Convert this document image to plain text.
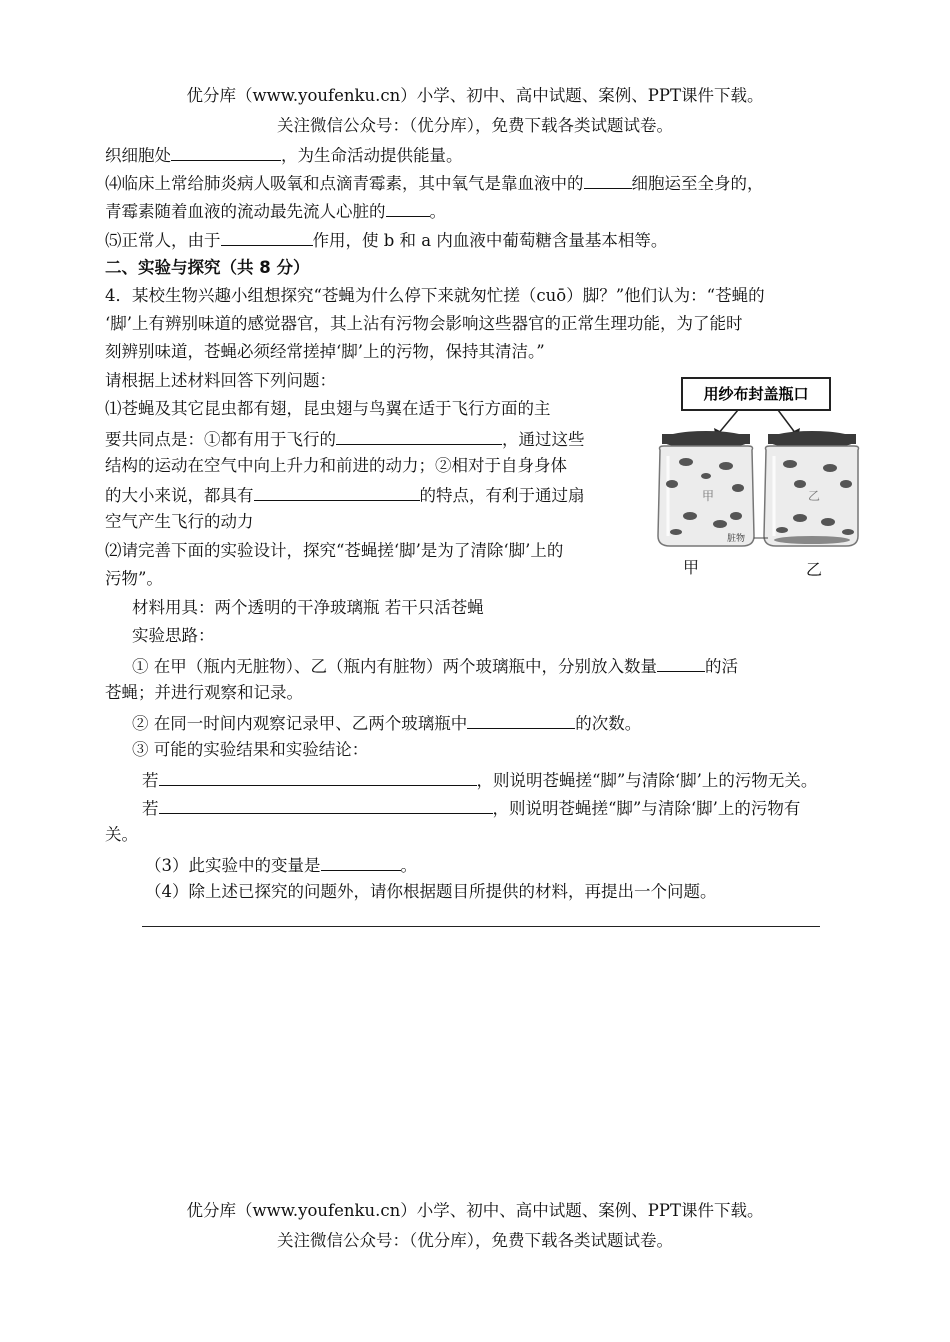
优分库（www.youfenku.cn）小学、初中、高中试题、案例、PPT课件下载。
关注微信公众号：（优分库），免费下载各类试题试卷。
织细胞处	，为生命活动提供能量。
⑷临床上常给肺炎病人吸氧和点滴青霉素，其中氧气是靠血液中的	细胞运至全身的，
青霉素随着血液的流动最先流人心脏的	。
⑸正常人，由于	作用，使 b 和 a 内血液中葡萄糖含量基本相等。
二、实验与探究（共 8 分）
4．某校生物兴趣小组想探究“苍蝇为什么停下来就匆忙搓（cuō）脚？”他们认为：“苍蝇的
‘脚’上有辨别味道的感觉器官，其上沾有污物会影响这些器官的正常生理功能，为了能时
刻辨别味道，苍蝇必须经常搓掉‘脚’上的污物，保持其清洁。”
请根据上述材料回答下列问题：
⑴苍蝇及其它昆虫都有翅，昆虫翅与鸟翼在适于飞行方面的主
要共同点是：①都有用于飞行的	，通过这些
结构的运动在空气中向上升力和前进的动力；②相对于自身身体
的大小来说，都具有	的特点，有利于通过扇
空气产生飞行的动力
⑵请完善下面的实验设计，探究“苍蝇搓‘脚’是为了清除‘脚’上的
污物”。
材料用具：两个透明的干净玻璃瓶 若干只活苍蝇
实验思路：
① 在甲（瓶内无脏物）、乙（瓶内有脏物）两个玻璃瓶中，分别放入数量	的活
苍蝇；并进行观察和记录。
② 在同一时间内观察记录甲、乙两个玻璃瓶中	的次数。
③ 可能的实验结果和实验结论：
若	，则说明苍蝇搓“脚”与清除‘脚’上的污物无关。
若	，则说明苍蝇搓“脚”与清除‘脚’上的污物有
关。
（3）此实验中的变量是	。
（4）除上述已探究的问题外，请你根据题目所提供的材料，再提出一个问题。
用纱布封盖瓶口
甲	乙
脏物
甲	乙
优分库（www.youfenku.cn）小学、初中、高中试题、案例、PPT课件下载。
关注微信公众号：（优分库），免费下载各类试题试卷。
